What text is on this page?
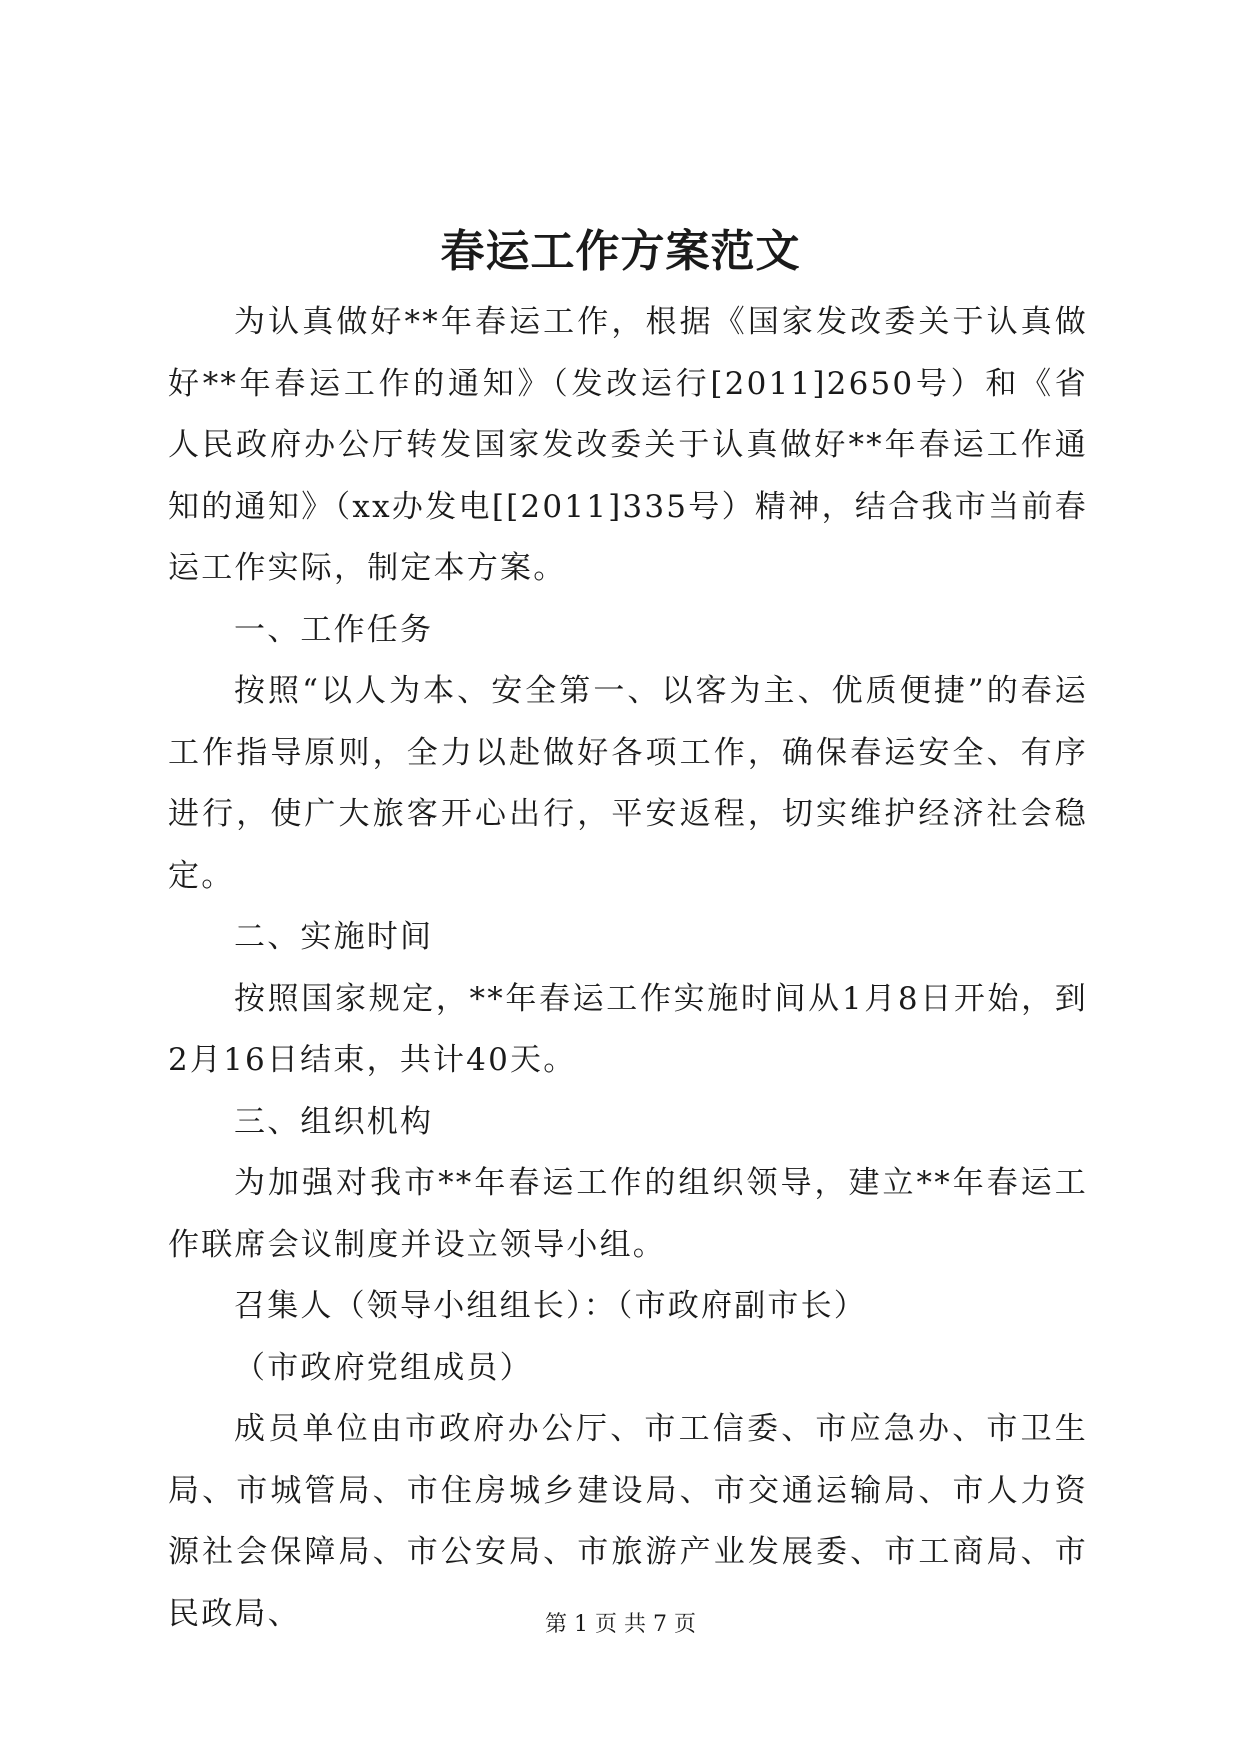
春运工作方案范文

为认真做好**年春运工作，根据《国家发改委关于认真做好**年春运工作的通知》（发改运行[2011]2650号）和《省人民政府办公厅转发国家发改委关于认真做好**年春运工作通知的通知》（xx办发电[[2011]335号）精神，结合我市当前春运工作实际，制定本方案。

一、工作任务

按照“以人为本、安全第一、以客为主、优质便捷”的春运工作指导原则，全力以赴做好各项工作，确保春运安全、有序进行，使广大旅客开心出行，平安返程，切实维护经济社会稳定。

二、实施时间

按照国家规定，**年春运工作实施时间从1月8日开始，到2月16日结束，共计40天。

三、组织机构

为加强对我市**年春运工作的组织领导，建立**年春运工作联席会议制度并设立领导小组。

召集人（领导小组组长）：（市政府副市长）

（市政府党组成员）

成员单位由市政府办公厅、市工信委、市应急办、市卫生局、市城管局、市住房城乡建设局、市交通运输局、市人力资源社会保障局、市公安局、市旅游产业发展委、市工商局、市民政局、	第 1 页 共 7 页
